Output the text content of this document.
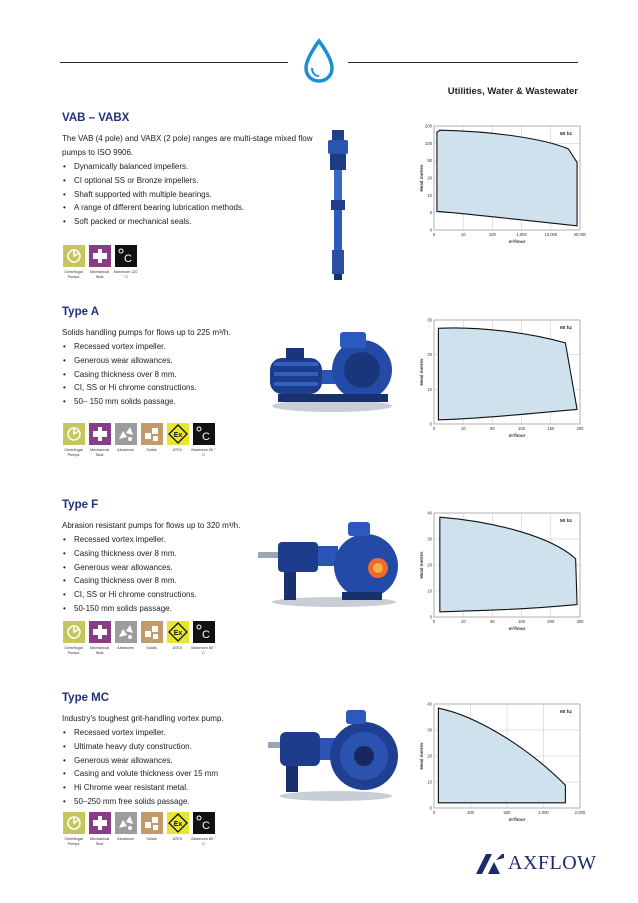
Utilities, Water & Wastewater
VAB – VABX
The VAB (4 pole) and VABX (2 pole) ranges are multi-stage mixed flow pumps to ISO 9906.
• Dynamically balanced impellers.
• CI optional SS or Bronze impellers.
• Shaft supported with multiple bearings.
• A range of different bearing lubrication methods.
• Soft packed or mechanical seals.
Centrifugal Pumps
Mechanical Seal
C
Maximum 120 ° C
Head metres
0
5
10
20
50
100
200
0	10	100	1,000	10,000	40,000
50 hz
m³/hour
Type A
Solids handling pumps for flows up to 225 m³/h.
• Recessed vortex impeller.
• Generous wear allowances.
• Casing thickness over 8 mm.
• CI, SS or Hi chrome constructions.
• 50– 150 mm solids passage.
Centrifugal Pumps
Mechanical Seal
Abrasives	Solids
Ex
ATEX
C
Maximum 80 ° C
Head metres
0
10
20
30
0	10	50	100	150	200
50 hz
m³/hour
Type F
Abrasion resistant pumps for flows up to 320 m³/h.
• Recessed vortex impeller.
• Casing thickness over 8 mm.
• Generous wear allowances.
• Casing thickness over 8 mm.
• CI, SS or Hi chrome constructions.
• 50-150 mm solids passage.
Centrifugal Pumps
Mechanical Seal
Abrasives	Solids
Ex
ATEX
C
Maximum 80 ° C
Head metres
0
10
20
30
40
0	10	50	100	200	300
50 hz
m³/hour
Type MC
Industry's toughest grit-handling vortex pump.
• Recessed vortex impeller.
• Ultimate heavy duty construction.
• Generous wear allowances.
• Casing and volute thickness over 15 mm
• Hi Chrome wear resistant metal.
• 50–250 mm free solids passage.
Centrifugal Pumps
Mechanical Seal
Abrasives	Solids
Ex
ATEX
C
Maximum 80 ° C
Head metres
0
10
20
30
40
0	100	500	1,000	2,000
50 hz
m³/hour
AXFLOW
